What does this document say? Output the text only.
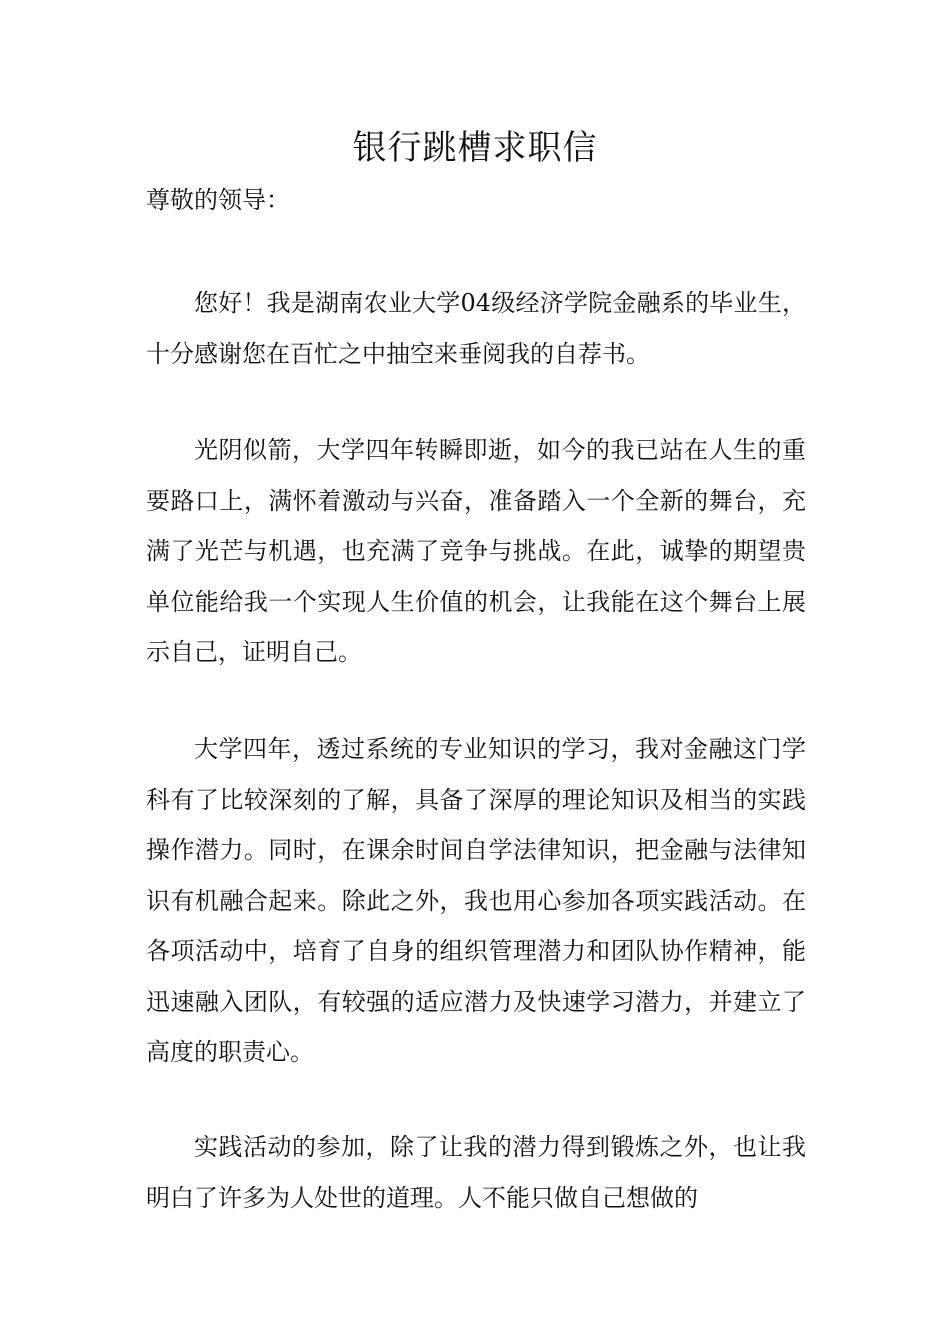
银行跳槽求职信
尊敬的领导：

您好！我是湖南农业大学04级经济学院金融系的毕业生，十分感谢您在百忙之中抽空来垂阅我的自荐书。

光阴似箭，大学四年转瞬即逝，如今的我已站在人生的重要路口上，满怀着激动与兴奋，准备踏入一个全新的舞台，充满了光芒与机遇，也充满了竞争与挑战。在此，诚挚的期望贵单位能给我一个实现人生价值的机会，让我能在这个舞台上展示自己，证明自己。

大学四年，透过系统的专业知识的学习，我对金融这门学科有了比较深刻的了解，具备了深厚的理论知识及相当的实践操作潜力。同时，在课余时间自学法律知识，把金融与法律知识有机融合起来。除此之外，我也用心参加各项实践活动。在各项活动中，培育了自身的组织管理潜力和团队协作精神，能迅速融入团队，有较强的适应潜力及快速学习潜力，并建立了高度的职责心。

实践活动的参加，除了让我的潜力得到锻炼之外，也让我明白了许多为人处世的道理。人不能只做自己想做的
